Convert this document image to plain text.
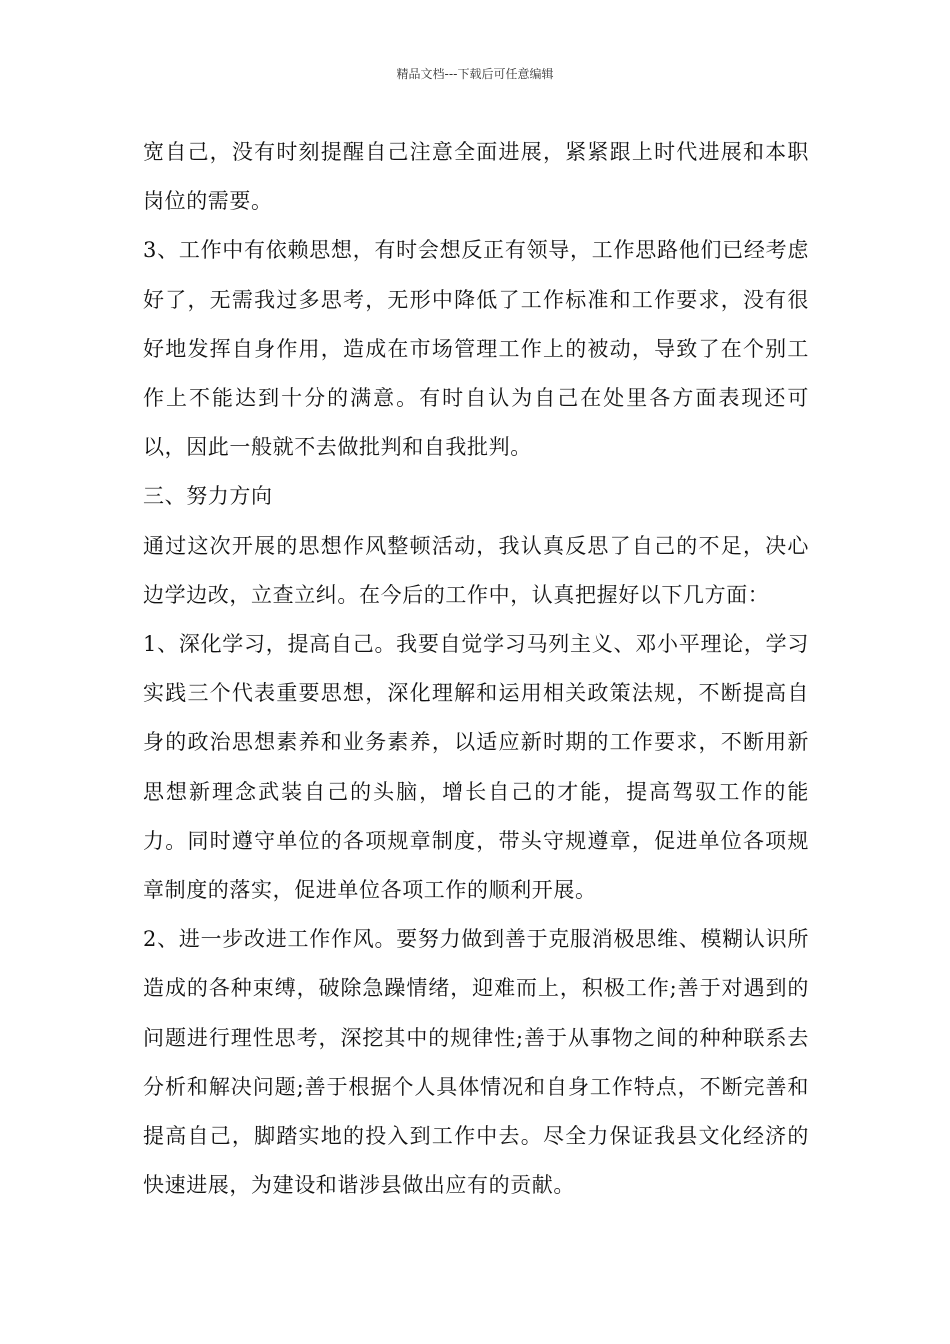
精品文档---下载后可任意编辑

宽自己，没有时刻提醒自己注意全面进展，紧紧跟上时代进展和本职岗位的需要。

3、工作中有依赖思想，有时会想反正有领导，工作思路他们已经考虑好了，无需我过多思考，无形中降低了工作标准和工作要求，没有很好地发挥自身作用，造成在市场管理工作上的被动，导致了在个别工作上不能达到十分的满意。有时自认为自己在处里各方面表现还可以，因此一般就不去做批判和自我批判。

三、努力方向

通过这次开展的思想作风整顿活动，我认真反思了自己的不足，决心边学边改，立查立纠。在今后的工作中，认真把握好以下几方面：

1、深化学习，提高自己。我要自觉学习马列主义、邓小平理论，学习实践三个代表重要思想，深化理解和运用相关政策法规，不断提高自身的政治思想素养和业务素养，以适应新时期的工作要求，不断用新思想新理念武装自己的头脑，增长自己的才能，提高驾驭工作的能力。同时遵守单位的各项规章制度，带头守规遵章，促进单位各项规章制度的落实，促进单位各项工作的顺利开展。

2、进一步改进工作作风。要努力做到善于克服消极思维、模糊认识所造成的各种束缚，破除急躁情绪，迎难而上，积极工作;善于对遇到的问题进行理性思考，深挖其中的规律性;善于从事物之间的种种联系去分析和解决问题;善于根据个人具体情况和自身工作特点，不断完善和提高自己，脚踏实地的投入到工作中去。尽全力保证我县文化经济的快速进展，为建设和谐涉县做出应有的贡献。
